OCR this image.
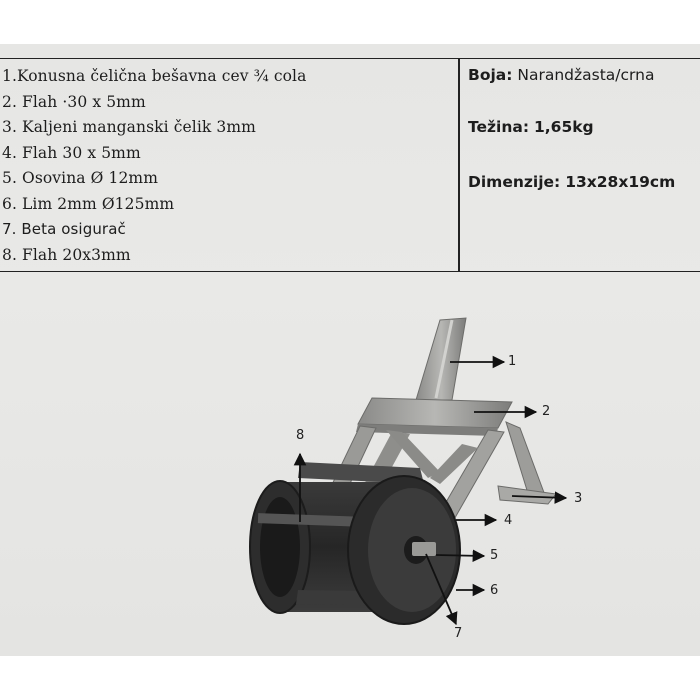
1.Konusna čelična bešavna cev ¾ cola
2. Flah ·30 x 5mm
3. Kaljeni manganski čelik 3mm
4. Flah 30 x 5mm
5. Osovina Ø 12mm
6. Lim 2mm Ø125mm
7. Beta osigurač
8. Flah 20x3mm
Boja: Narandžasta/crna
Težina: 1,65kg
Dimenzije: 13x28x19cm
1
2
3
4
5
6
7
8
